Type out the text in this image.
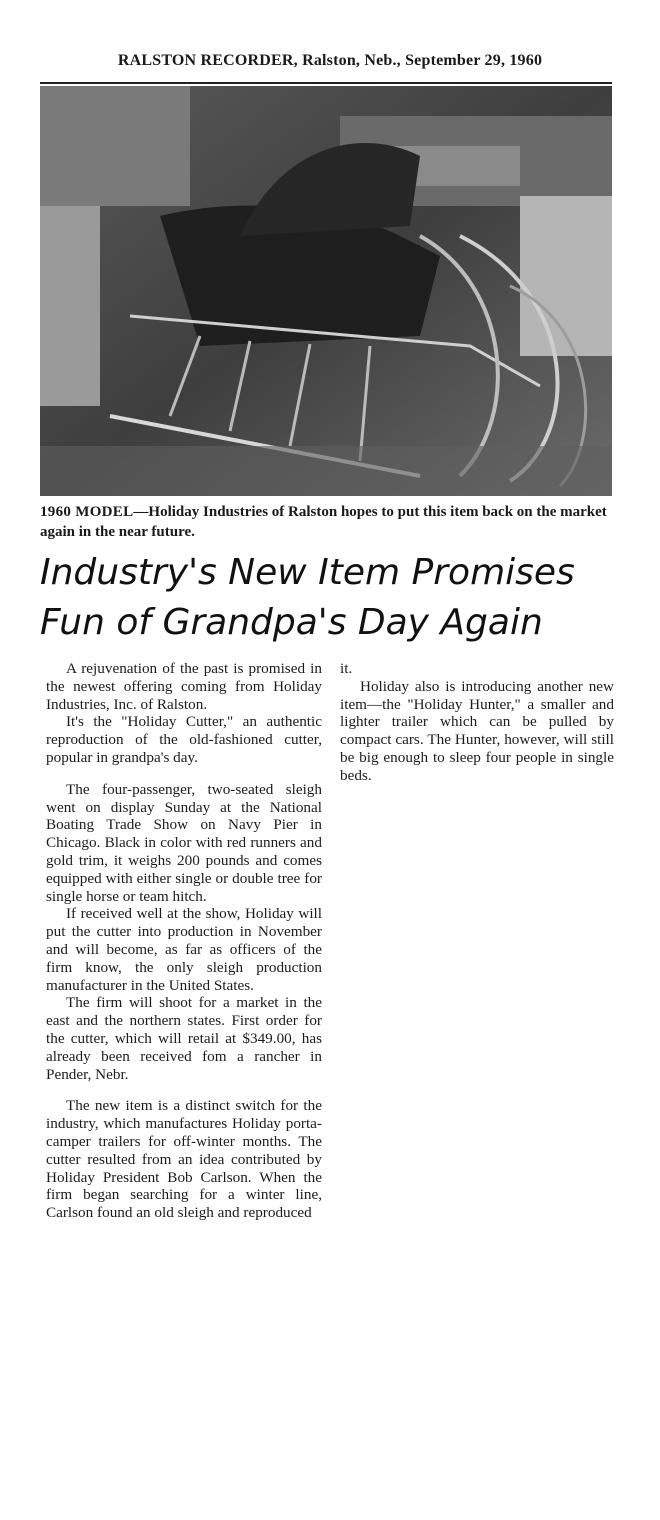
RALSTON RECORDER, Ralston, Neb., September 29, 1960
1960 MODEL—Holiday Industries of Ralston hopes to put this item back on the market again in the near future.
Industry's New Item Promises
Fun of Grandpa's Day Again

A rejuvenation of the past is promised in the newest offering coming from Holiday Industries, Inc. of Ralston.

It's the "Holiday Cutter," an authentic reproduction of the old-fashioned cutter, popular in grandpa's day.

The four-passenger, two-seated sleigh went on display Sunday at the National Boating Trade Show on Navy Pier in Chicago. Black in color with red runners and gold trim, it weighs 200 pounds and comes equipped with either single or double tree for single horse or team hitch.

If received well at the show, Holiday will put the cutter into production in November and will become, as far as officers of the firm know, the only sleigh production manufacturer in the United States.

The firm will shoot for a market in the east and the northern states. First order for the cutter, which will retail at $349.00, has already been received fom a rancher in Pender, Nebr.

The new item is a distinct switch for the industry, which manufactures Holiday porta-camper trailers for off-winter months. The cutter resulted from an idea contributed by Holiday President Bob Carlson. When the firm began searching for a winter line, Carlson found an old sleigh and reproduced

it.

Holiday also is introducing another new item—the "Holiday Hunter," a smaller and lighter trailer which can be pulled by compact cars. The Hunter, however, will still be big enough to sleep four people in single beds.
